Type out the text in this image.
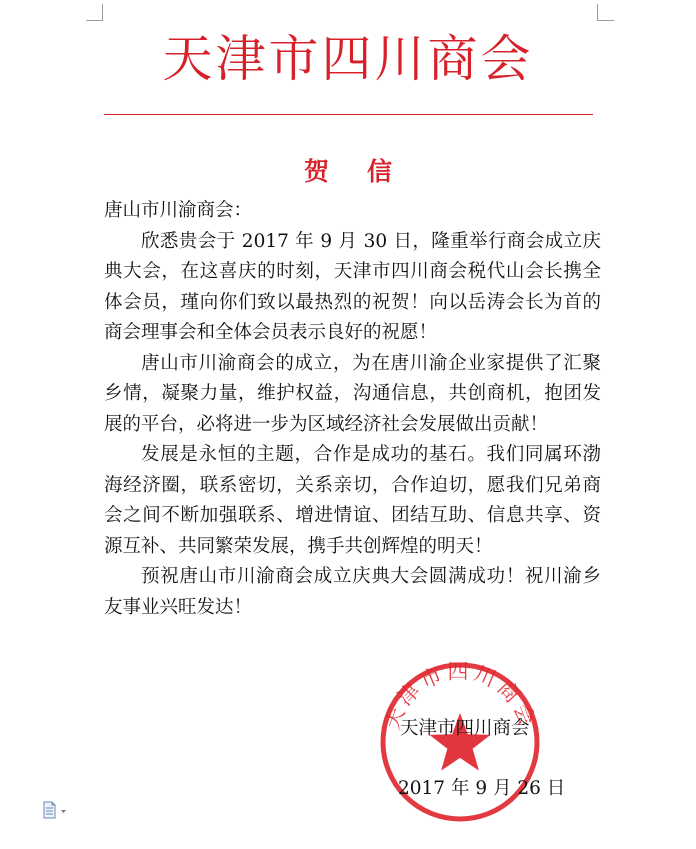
天津市四川商会
贺信

唐山市川渝商会：

欣悉贵会于 2017 年 9 月 30 日，隆重举行商会成立庆典大会，在这喜庆的时刻，天津市四川商会税代山会长携全体会员，瑾向你们致以最热烈的祝贺！向以岳涛会长为首的商会理事会和全体会员表示良好的祝愿！

唐山市川渝商会的成立，为在唐川渝企业家提供了汇聚乡情，凝聚力量，维护权益，沟通信息，共创商机，抱团发展的平台，必将进一步为区域经济社会发展做出贡献！

发展是永恒的主题，合作是成功的基石。我们同属环渤海经济圈，联系密切，关系亲切，合作迫切，愿我们兄弟商会之间不断加强联系、增进情谊、团结互助、信息共享、资源互补、共同繁荣发展，携手共创辉煌的明天！

预祝唐山市川渝商会成立庆典大会圆满成功！祝川渝乡友事业兴旺发达！

天津市四川商会
天津市四川商会
2017 年 9 月 26 日
